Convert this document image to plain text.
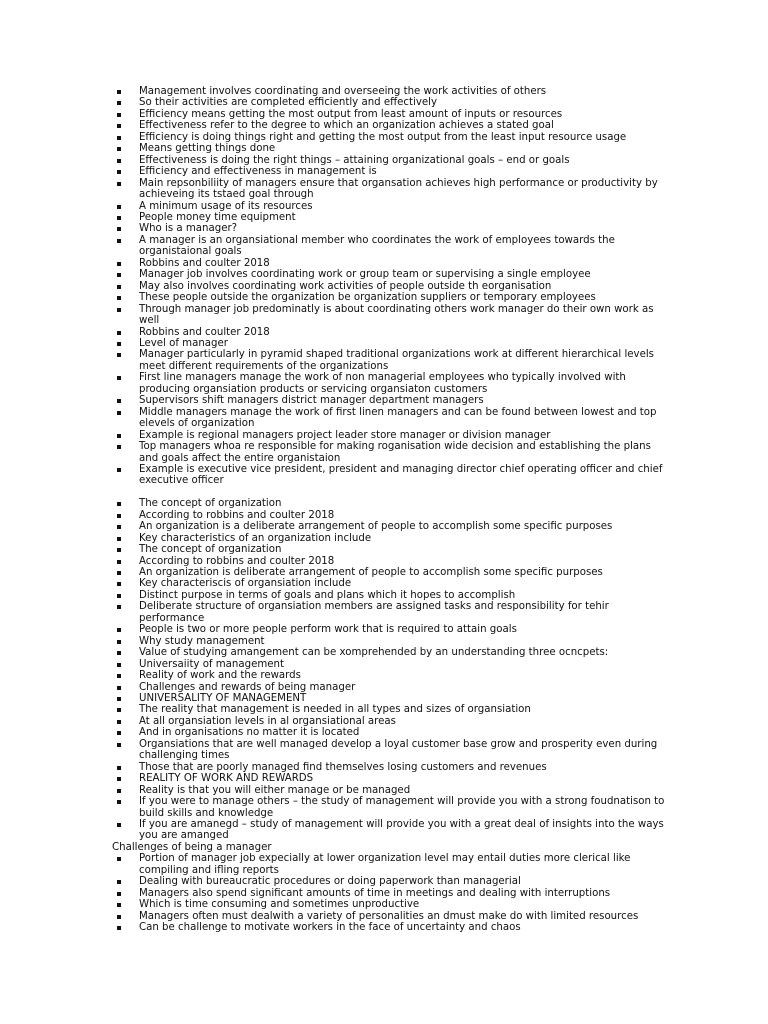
Management involves coordinating and overseeing the work activities of others
So their activities are completed efficiently and effectively
Efficiency means getting the most output from least amount of inputs or resources
Effectiveness refer to the degree to which an organization achieves a stated goal
Efficiency is doing things right and getting the most output from the least input resource usage
Means getting things done
Effectiveness is doing the right things – attaining organizational goals – end or goals
Efficiency and effectiveness in management is
Main repsonbiliity of managers ensure that organsation achieves high performance or productivity by achieveing its tstaed goal through
A minimum usage of its resources
People money time equipment
Who is a manager?
A manager is an organsiational member who coordinates the work of employees towards the organistaional goals
Robbins and coulter 2018
Manager job involves coordinating work or group team or supervising a single employee
May also involves coordinating work activities of people outside th eorganisation
These people outside the organization be organization suppliers or temporary employees
Through manager job predominatly is about coordinating others work manager do their own work as well
Robbins and coulter 2018
Level of manager
Manager particularly in pyramid shaped traditional organizations work at different hierarchical levels meet different requirements of the organizations
First line managers manage the work of non managerial employees who typically involved with producing organsiation products or servicing organsiaton customers
Supervisors shift managers district manager department managers
Middle managers manage the work of first linen managers and can be found between lowest and top elevels of organization
Example is regional managers project leader store manager or division manager
Top managers whoa re responsible for making roganisation wide decision and establishing the plans and goals affect the entire organistaion
Example is executive vice president, president and managing director chief operating officer and chief executive officer
The concept of organization
According to robbins and coulter 2018
An organization is a deliberate arrangement of people to accomplish some specific purposes
Key characteristics of an organization include
The concept of organization
According to robbins and coulter 2018
An organization is deliberate arrangement of people to accomplish some specific purposes
Key characteriscis of organsiation include
Distinct purpose in terms of goals and plans which it hopes to accomplish
Deliberate structure of organsiation members are assigned tasks and responsibility for tehir performance
People is two or more people perform work that is required to attain goals
Why study management
Value of studying amangement can be xomprehended by an understanding three ocncpets:
Universaiity of management
Reality of work and the rewards
Challenges and rewards of being manager
UNIVERSALITY OF MANAGEMENT
The reality that management is needed in all types and sizes of organsiation
At all organsiation levels in al organsiational areas
And in organisations no matter it is located
Organsiations that are well managed develop a loyal customer base grow and prosperity even during challenging times
Those that are poorly managed find themselves losing customers and revenues
REALITY OF WORK AND REWARDS
Reality is that you will either manage or be managed
If you were to manage others – the study of management will provide you with a strong foudnatison to build skills and knowledge
If you are amanegd – study of management will provide you with a great deal of insights into the ways you are amanged
Challenges of being a manager
Portion of manager job expecially at lower organization level may entail duties more clerical like compiling and ifling reports
Dealing with bureaucratic procedures or doing paperwork than managerial
Managers also spend significant amounts of time in meetings and dealing with interruptions
Which is time consuming and sometimes unproductive
Managers often must dealwith a variety of personalities an dmust make do with limited resources
Can be challenge to motivate workers in the face of uncertainty and chaos
